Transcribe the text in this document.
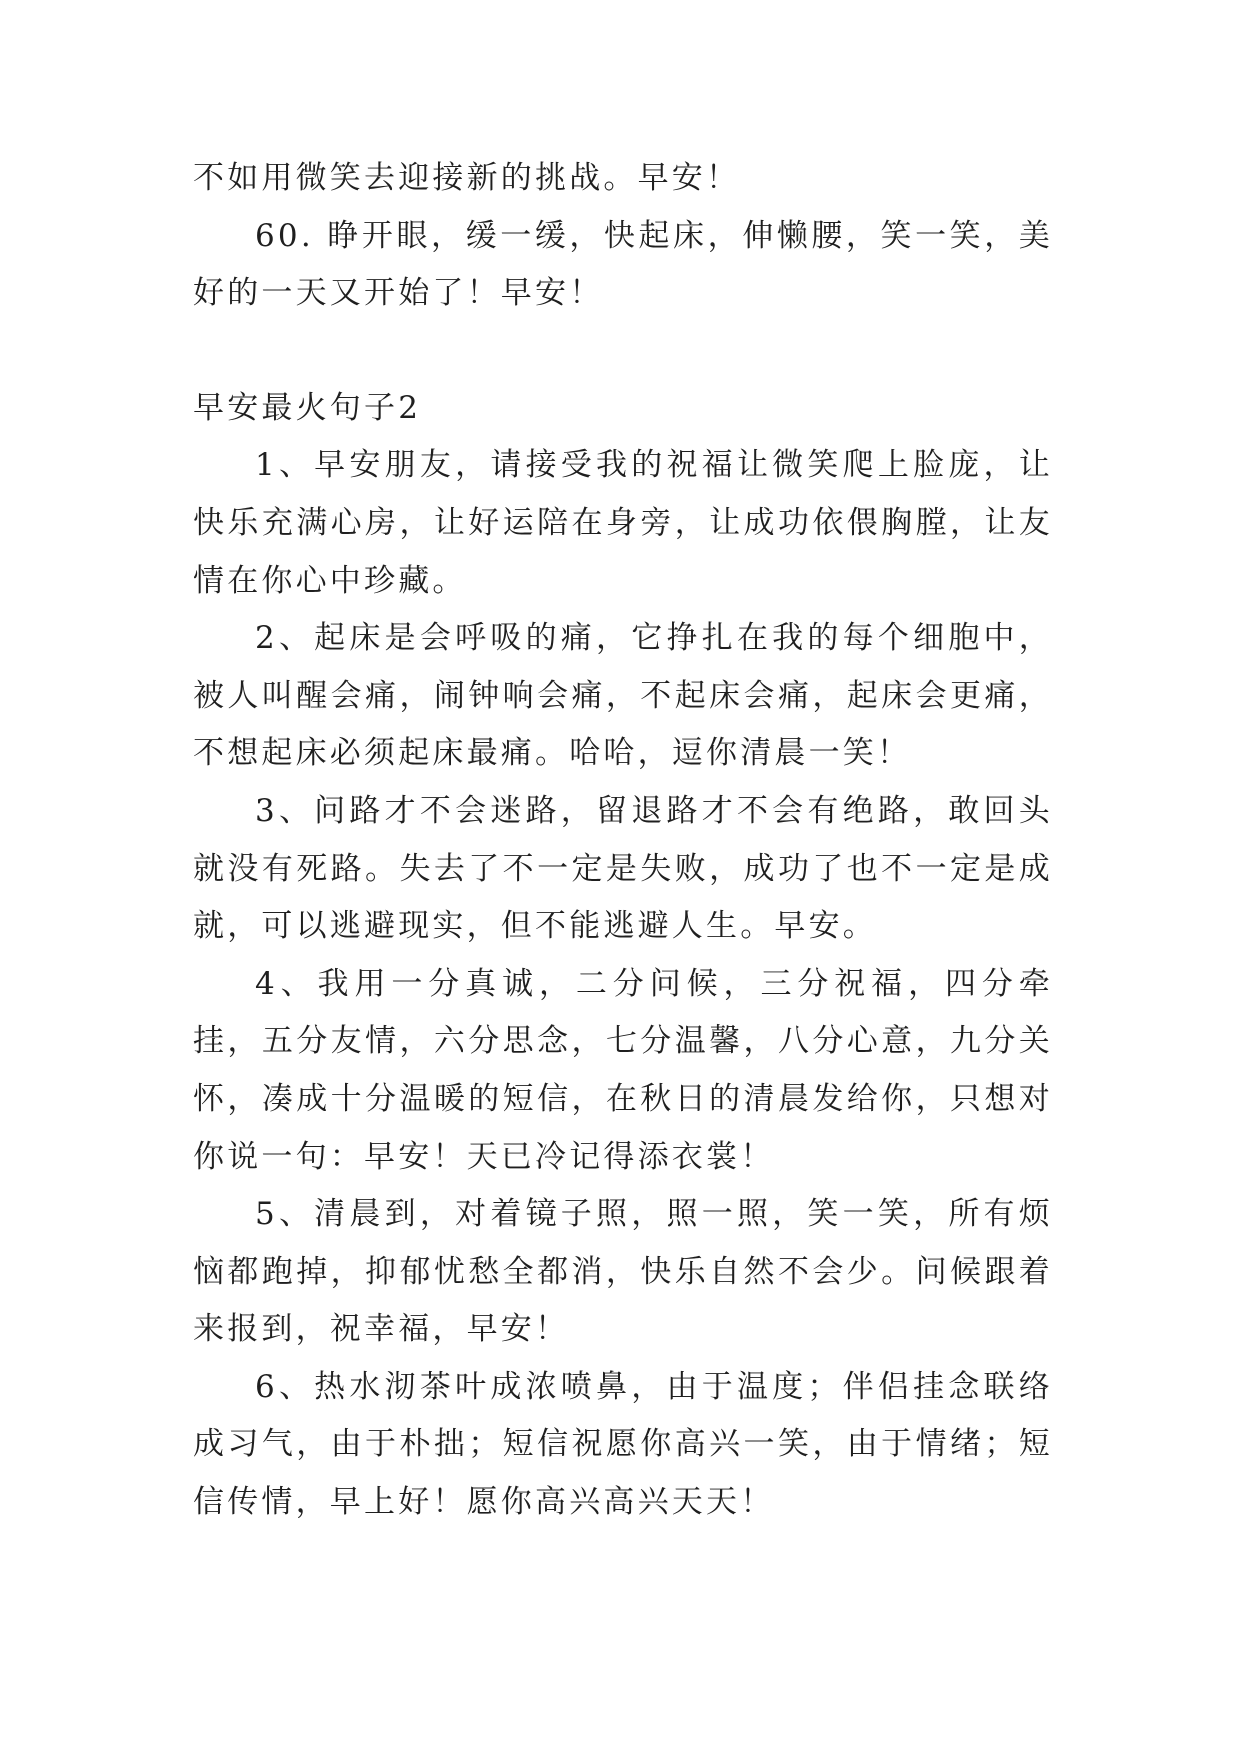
不如用微笑去迎接新的挑战。早安！

60. 睁开眼，缓一缓，快起床，伸懒腰，笑一笑，美好的一天又开始了！早安！

早安最火句子2

1、早安朋友，请接受我的祝福让微笑爬上脸庞，让快乐充满心房，让好运陪在身旁，让成功依偎胸膛，让友情在你心中珍藏。

2、起床是会呼吸的痛，它挣扎在我的每个细胞中，被人叫醒会痛，闹钟响会痛，不起床会痛，起床会更痛，不想起床必须起床最痛。哈哈，逗你清晨一笑！

3、问路才不会迷路，留退路才不会有绝路，敢回头就没有死路。失去了不一定是失败，成功了也不一定是成就，可以逃避现实，但不能逃避人生。早安。

4、我用一分真诚，二分问候，三分祝福，四分牵挂，五分友情，六分思念，七分温馨，八分心意，九分关怀，凑成十分温暖的短信，在秋日的清晨发给你，只想对你说一句：早安！天已冷记得添衣裳！

5、清晨到，对着镜子照，照一照，笑一笑，所有烦恼都跑掉，抑郁忧愁全都消，快乐自然不会少。问候跟着来报到，祝幸福，早安！

6、热水沏茶叶成浓喷鼻，由于温度；伴侣挂念联络成习气，由于朴拙；短信祝愿你高兴一笑，由于情绪；短信传情，早上好！愿你高兴高兴天天！
